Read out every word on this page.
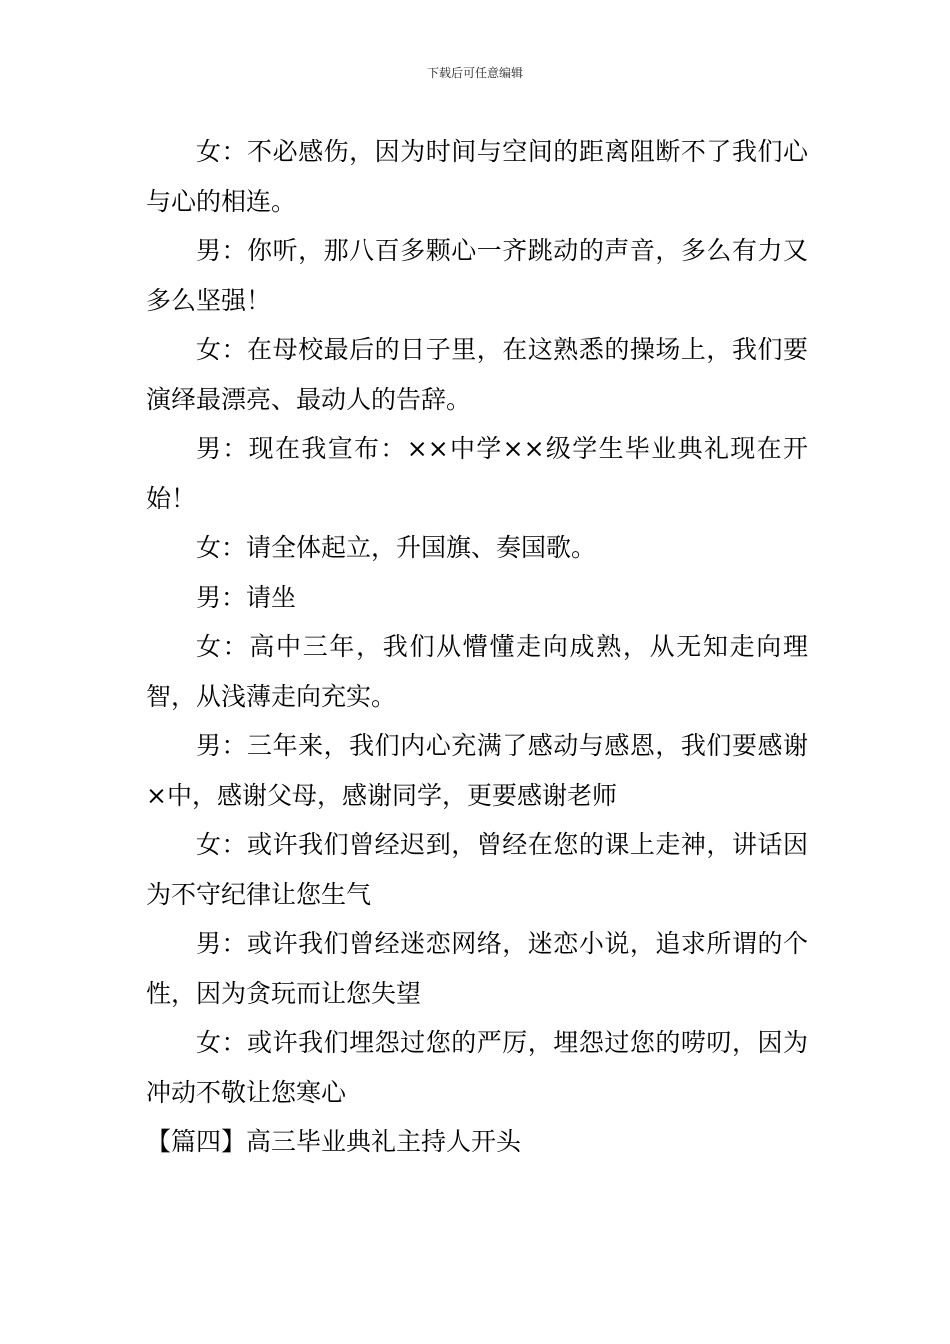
下载后可任意编辑

女：不必感伤，因为时间与空间的距离阻断不了我们心与心的相连。

男：你听，那八百多颗心一齐跳动的声音，多么有力又多么坚强！

女：在母校最后的日子里，在这熟悉的操场上，我们要演绎最漂亮、最动人的告辞。

男：现在我宣布：××中学××级学生毕业典礼现在开始！

女：请全体起立，升国旗、奏国歌。

男：请坐

女：高中三年，我们从懵懂走向成熟，从无知走向理智，从浅薄走向充实。

男：三年来，我们内心充满了感动与感恩，我们要感谢×中，感谢父母，感谢同学，更要感谢老师

女：或许我们曾经迟到，曾经在您的课上走神，讲话因为不守纪律让您生气

男：或许我们曾经迷恋网络，迷恋小说，追求所谓的个性，因为贪玩而让您失望

女：或许我们埋怨过您的严厉，埋怨过您的唠叨，因为冲动不敬让您寒心

【篇四】高三毕业典礼主持人开头
